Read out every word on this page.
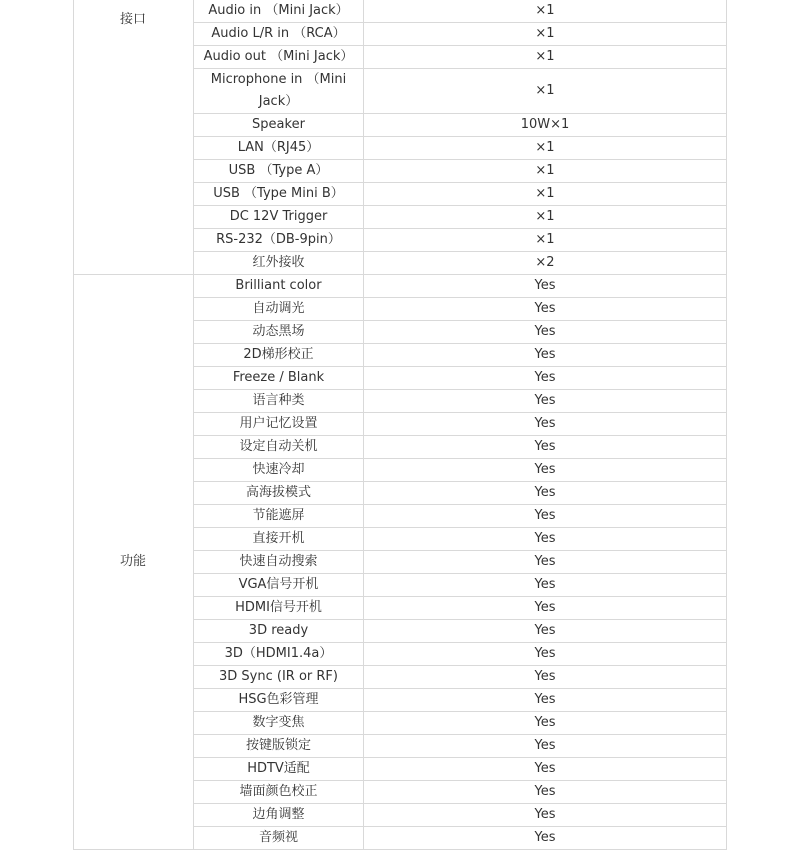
接口	Audio in （Mini Jack）	×1
	Audio L/R in （RCA）	×1
	Audio out （Mini Jack）	×1
	Microphone in （Mini Jack）	×1
	Speaker	10W×1
	LAN（RJ45）	×1
	USB （Type A）	×1
	USB （Type Mini B）	×1
	DC 12V Trigger	×1
	RS-232（DB-9pin）	×1
	红外接收	×2
功能	Brilliant color	Yes
	自动调光	Yes
	动态黑场	Yes
	2D梯形校正	Yes
	Freeze / Blank	Yes
	语言种类	Yes
	用户记忆设置	Yes
	设定自动关机	Yes
	快速冷却	Yes
	高海拔模式	Yes
	节能遮屏	Yes
	直接开机	Yes
	快速自动搜索	Yes
	VGA信号开机	Yes
	HDMI信号开机	Yes
	3D ready	Yes
	3D（HDMI1.4a）	Yes
	3D Sync (IR or RF)	Yes
	HSG色彩管理	Yes
	数字变焦	Yes
	按键版锁定	Yes
	HDTV适配	Yes
	墙面颜色校正	Yes
	边角调整	Yes
	音频视	Yes
